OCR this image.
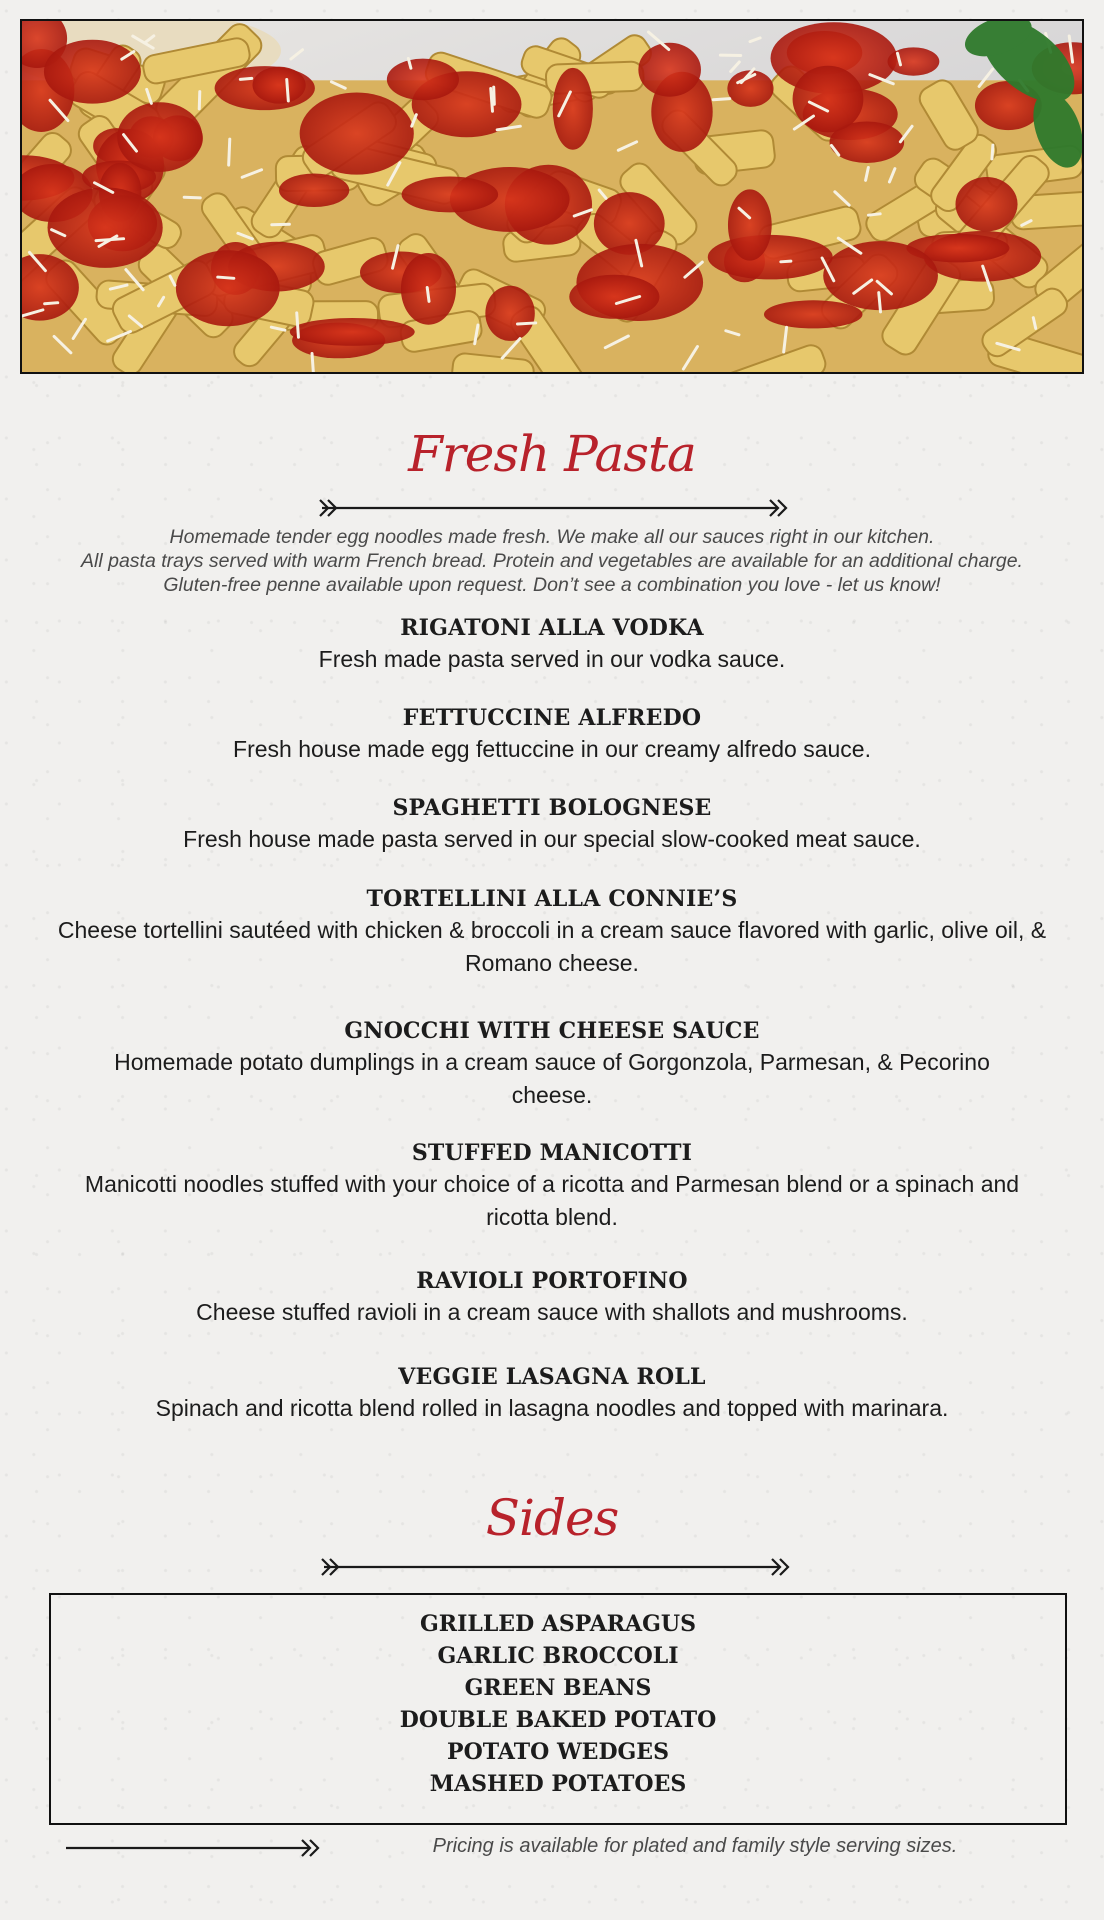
Fresh Pasta
Homemade tender egg noodles made fresh. We make all our sauces right in our kitchen.
All pasta trays served with warm French bread. Protein and vegetables are available for an additional charge.
Gluten-free penne available upon request. Don’t see a combination you love - let us know!
RIGATONI ALLA VODKA
Fresh made pasta served in our vodka sauce.
FETTUCCINE ALFREDO
Fresh house made egg fettuccine in our creamy alfredo sauce.
SPAGHETTI BOLOGNESE
Fresh house made pasta served in our special slow-cooked meat sauce.
TORTELLINI ALLA CONNIE’S
Cheese tortellini sautéed with chicken & broccoli in a cream sauce flavored with garlic, olive oil, & Romano cheese.
GNOCCHI WITH CHEESE SAUCE
Homemade potato dumplings in a cream sauce of Gorgonzola, Parmesan, & Pecorino cheese.
STUFFED MANICOTTI
Manicotti noodles stuffed with your choice of a ricotta and Parmesan blend or a spinach and ricotta blend.
RAVIOLI PORTOFINO
Cheese stuffed ravioli in a cream sauce with shallots and mushrooms.
VEGGIE LASAGNA ROLL
Spinach and ricotta blend rolled in lasagna noodles and topped with marinara.
Sides
GRILLED ASPARAGUS
GARLIC BROCCOLI
GREEN BEANS
DOUBLE BAKED POTATO
POTATO WEDGES
MASHED POTATOES
Pricing is available for plated and family style serving sizes.
